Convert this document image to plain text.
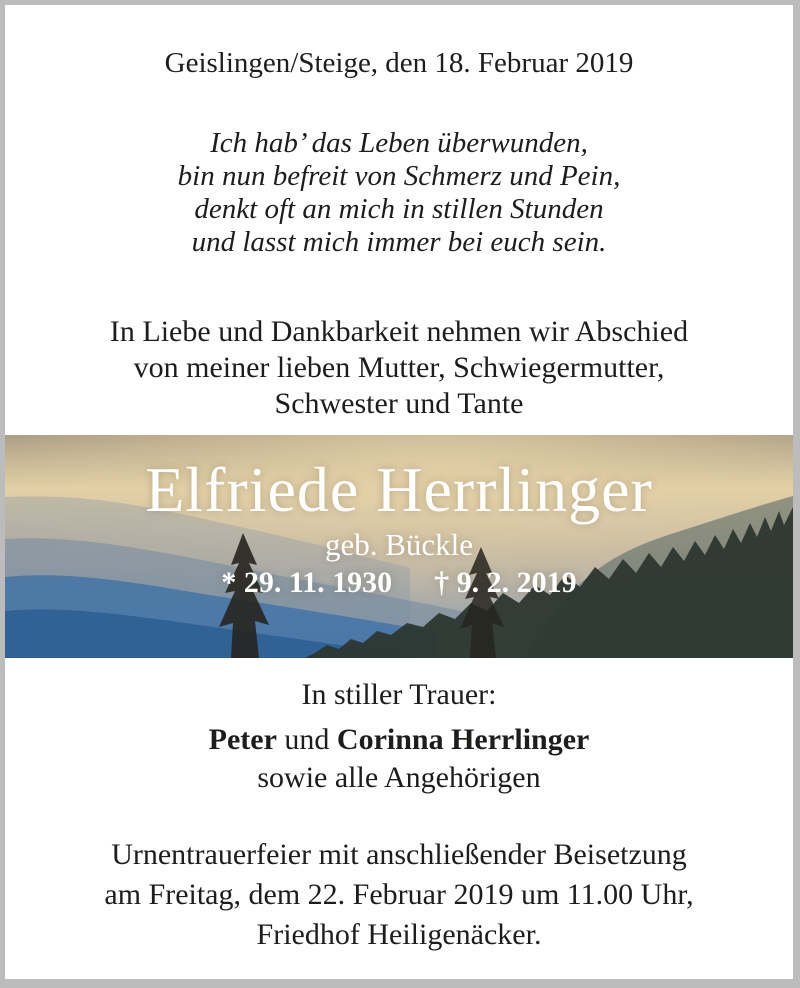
Geislingen/Steige, den 18. Februar 2019
Ich hab’ das Leben überwunden,
bin nun befreit von Schmerz und Pein,
denkt oft an mich in stillen Stunden
und lasst mich immer bei euch sein.
In Liebe und Dankbarkeit nehmen wir Abschied
von meiner lieben Mutter, Schwiegermutter,
Schwester und Tante
Elfriede Herrlinger
geb. Bückle
* 29. 11. 1930 † 9. 2. 2019
In stiller Trauer:
Peter und Corinna Herrlinger
sowie alle Angehörigen
Urnentrauerfeier mit anschließender Beisetzung
am Freitag, dem 22. Februar 2019 um 11.00 Uhr,
Friedhof Heiligenäcker.
